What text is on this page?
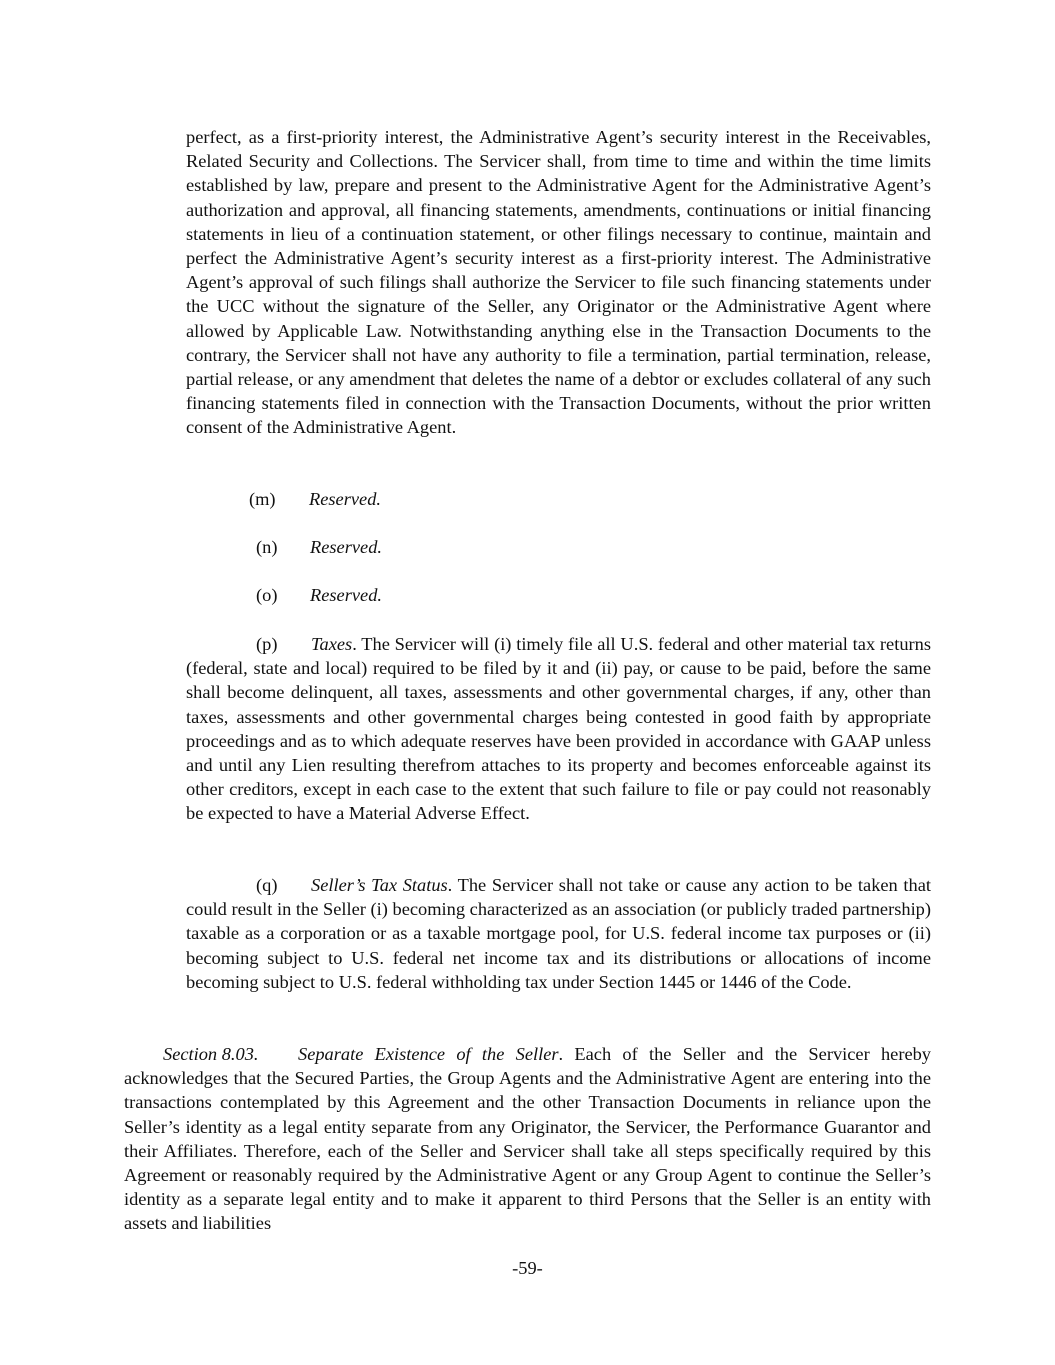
perfect, as a first-priority interest, the Administrative Agent’s security interest in the Receivables, Related Security and Collections. The Servicer shall, from time to time and within the time limits established by law, prepare and present to the Administrative Agent for the Administrative Agent’s authorization and approval, all financing statements, amendments, continuations or initial financing statements in lieu of a continuation statement, or other filings necessary to continue, maintain and perfect the Administrative Agent’s security interest as a first-priority interest. The Administrative Agent’s approval of such filings shall authorize the Servicer to file such financing statements under the UCC without the signature of the Seller, any Originator or the Administrative Agent where allowed by Applicable Law. Notwithstanding anything else in the Transaction Documents to the contrary, the Servicer shall not have any authority to file a termination, partial termination, release, partial release, or any amendment that deletes the name of a debtor or excludes collateral of any such financing statements filed in connection with the Transaction Documents, without the prior written consent of the Administrative Agent.

(m) Reserved.

(n) Reserved.

(o) Reserved.

(p) Taxes. The Servicer will (i) timely file all U.S. federal and other material tax returns (federal, state and local) required to be filed by it and (ii) pay, or cause to be paid, before the same shall become delinquent, all taxes, assessments and other governmental charges, if any, other than taxes, assessments and other governmental charges being contested in good faith by appropriate proceedings and as to which adequate reserves have been provided in accordance with GAAP unless and until any Lien resulting therefrom attaches to its property and becomes enforceable against its other creditors, except in each case to the extent that such failure to file or pay could not reasonably be expected to have a Material Adverse Effect.

(q) Seller’s Tax Status. The Servicer shall not take or cause any action to be taken that could result in the Seller (i) becoming characterized as an association (or publicly traded partnership) taxable as a corporation or as a taxable mortgage pool, for U.S. federal income tax purposes or (ii) becoming subject to U.S. federal net income tax and its distributions or allocations of income becoming subject to U.S. federal withholding tax under Section 1445 or 1446 of the Code.

Section 8.03. Separate Existence of the Seller. Each of the Seller and the Servicer hereby acknowledges that the Secured Parties, the Group Agents and the Administrative Agent are entering into the transactions contemplated by this Agreement and the other Transaction Documents in reliance upon the Seller’s identity as a legal entity separate from any Originator, the Servicer, the Performance Guarantor and their Affiliates. Therefore, each of the Seller and Servicer shall take all steps specifically required by this Agreement or reasonably required by the Administrative Agent or any Group Agent to continue the Seller’s identity as a separate legal entity and to make it apparent to third Persons that the Seller is an entity with assets and liabilities

-59-
